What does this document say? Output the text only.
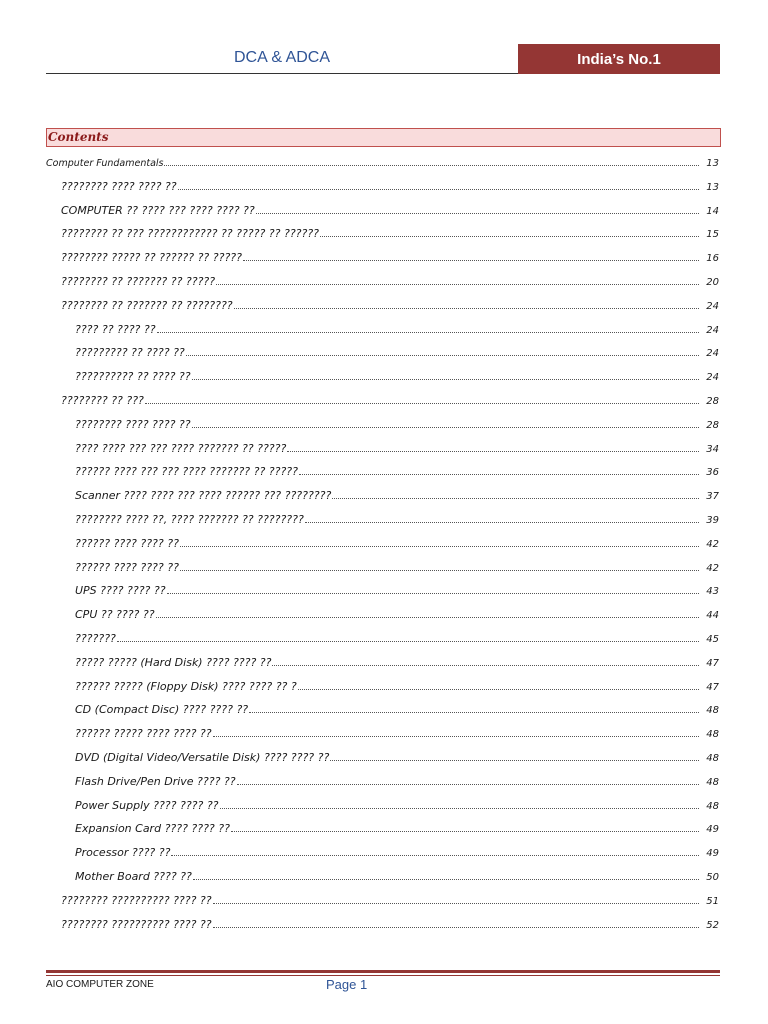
DCA & ADCA	India’s No.1
Contents
Computer Fundamentals	13
???????? ???? ???? ??	13
COMPUTER ?? ???? ??? ???? ???? ??	14
???????? ?? ??? ???????????? ?? ????? ?? ??????	15
???????? ????? ?? ?????? ?? ?????	16
???????? ?? ??????? ?? ?????	20
???????? ?? ??????? ?? ????????	24
???? ?? ???? ??	24
????????? ?? ???? ??	24
?????????? ?? ???? ??	24
???????? ?? ???	28
???????? ???? ???? ??	28
???? ???? ??? ??? ???? ??????? ?? ?????	34
?????? ???? ??? ??? ???? ??????? ?? ?????	36
Scanner ???? ???? ??? ???? ?????? ??? ????????	37
???????? ???? ??, ???? ??????? ?? ????????	39
?????? ???? ???? ??	42
?????? ???? ???? ??	42
UPS ???? ???? ??	43
CPU ?? ???? ??	44
???????	45
????? ????? (Hard Disk) ???? ???? ??	47
?????? ????? (Floppy Disk) ???? ???? ?? ?	47
CD (Compact Disc) ???? ???? ??	48
?????? ????? ???? ???? ??	48
DVD (Digital Video/Versatile Disk) ???? ???? ??	48
Flash Drive/Pen Drive ???? ??	48
Power Supply ???? ???? ??	48
Expansion Card ???? ???? ??	49
Processor ???? ??	49
Mother Board ???? ??	50
???????? ?????????? ???? ??	51
???????? ?????????? ???? ??	52
AIO COMPUTER ZONE	Page 1
